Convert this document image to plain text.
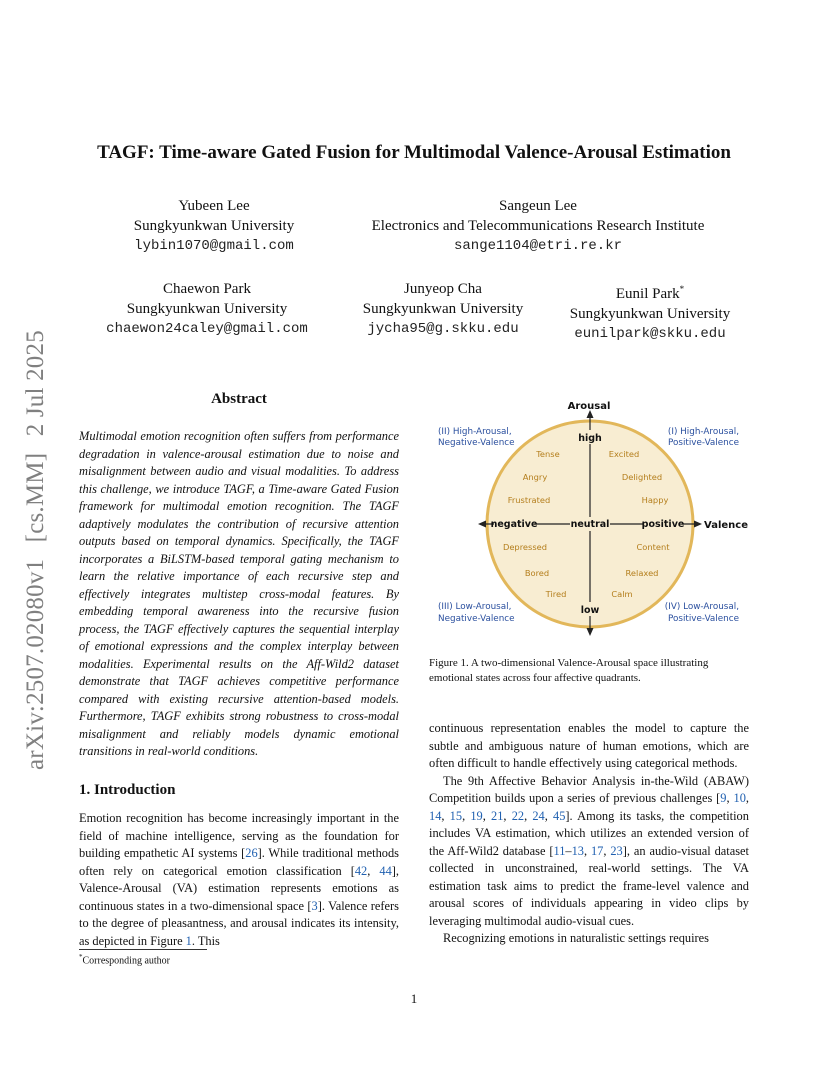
TAGF: Time-aware Gated Fusion for Multimodal Valence-Arousal Estimation
Yubeen Lee
Sungkyunkwan University
lybin1070@gmail.com
Sangeun Lee
Electronics and Telecommunications Research Institute
sange1104@etri.re.kr
Chaewon Park
Sungkyunkwan University
chaewon24caley@gmail.com
Junyeop Cha
Sungkyunkwan University
jycha95@g.skku.edu
Eunil Park*
Sungkyunkwan University
eunilpark@skku.edu
arXiv:2507.02080v1 [cs.MM] 2 Jul 2025	Abstract
Multimodal emotion recognition often suffers from performance degradation in valence-arousal estimation due to noise and misalignment between audio and visual modalities. To address this challenge, we introduce TAGF, a Time-aware Gated Fusion framework for multimodal emotion recognition. The TAGF adaptively modulates the contribution of recursive attention outputs based on temporal dynamics. Specifically, the TAGF incorporates a BiLSTM-based temporal gating mechanism to learn the relative importance of each recursive step and effectively integrates multistep cross-modal features. By embedding temporal awareness into the recursive fusion process, the TAGF effectively captures the sequential interplay of emotional expressions and the complex interplay between modalities. Experimental results on the Aff-Wild2 dataset demonstrate that TAGF achieves competitive performance compared with existing recursive attention-based models. Furthermore, TAGF exhibits strong robustness to cross-modal misalignment and reliably models dynamic emotional transitions in real-world conditions.
1. Introduction
Emotion recognition has become increasingly important in the field of machine intelligence, serving as the foundation for building empathetic AI systems [26]. While traditional methods often rely on categorical emotion classification [42, 44], Valence-Arousal (VA) estimation represents emotions as continuous states in a two-dimensional space [3]. Valence refers to the degree of pleasantness, and arousal indicates its intensity, as depicted in Figure 1. This
*Corresponding author
Arousal
Valence
high
low
negative	neutral	positive
(II) High-Arousal,
Negative-Valence
(I) High-Arousal,
Positive-Valence
(III) Low-Arousal,
Negative-Valence
(IV) Low-Arousal,
Positive-Valence
Tense
Angry
Frustrated
Excited
Delighted
Happy
Depressed
Bored
Tired
Content
Relaxed
Calm
Figure 1. A two-dimensional Valence-Arousal space illustrating emotional states across four affective quadrants.

continuous representation enables the model to capture the subtle and ambiguous nature of human emotions, which are often difficult to handle effectively using categorical methods.

The 9th Affective Behavior Analysis in-the-Wild (ABAW) Competition builds upon a series of previous challenges [9, 10, 14, 15, 19, 21, 22, 24, 45]. Among its tasks, the competition includes VA estimation, which utilizes an extended version of the Aff-Wild2 database [11–13, 17, 23], an audio-visual dataset collected in unconstrained, real-world settings. The VA estimation task aims to predict the frame-level valence and arousal scores of individuals appearing in video clips by leveraging multimodal audio-visual cues.

Recognizing emotions in naturalistic settings requires

1
